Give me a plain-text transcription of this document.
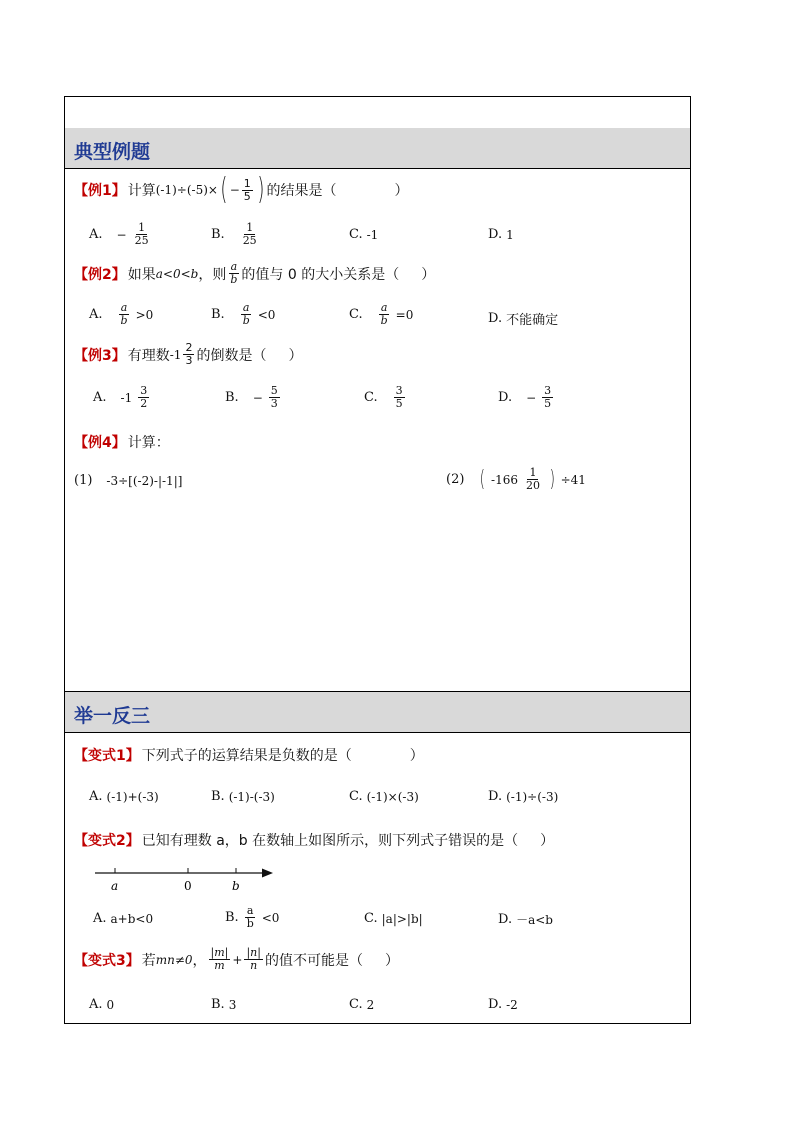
典型例题
【例1】 计算 (-1)÷(-5)× ( − $\frac{1}{5}$ ) 的结果是（	）
A. − $\frac{1}{25}$	B. $\frac{1}{25}$	C. -1	D. 1
【例2】 如果 a<0<b ，则 $\frac{a}{b}$ 的值与 0 的大小关系是（ ）
A. $\frac{a}{b} >0$	B. $\frac{a}{b} <0$	C. $\frac{a}{b} =0$	D. 不能确定
【例3】 有理数 $-1 \frac{2}{3}$ 的倒数是（ ）
A. $-1 \frac{3}{2}$	B. − $\frac{5}{3}$	C. $\frac{3}{5}$	D. − $\frac{3}{5}$
【例4】 计算：
(1) -3÷[(-2)-|-1|]	(2) ( $-166 \frac{1}{20}$ ) ÷41
举一反三
【变式1】 下列式子的运算结果是负数的是（	）
A. (-1)+(-3)	B. (-1)-(-3)	C. (-1)×(-3)	D. (-1)÷(-3)
【变式2】 已知有理数 a，b 在数轴上如图所示，则下列式子错误的是（ ）
a	0	b
A. a+b<0	B. $\frac{a}{b} <0$	C. |a|>|b|	D. －a<b
【变式3】 若 mn≠0 ， $\frac{|m|}{m} + \frac{|n|}{n}$ 的值不可能是（ ）
A. 0	B. 3	C. 2	D. -2
